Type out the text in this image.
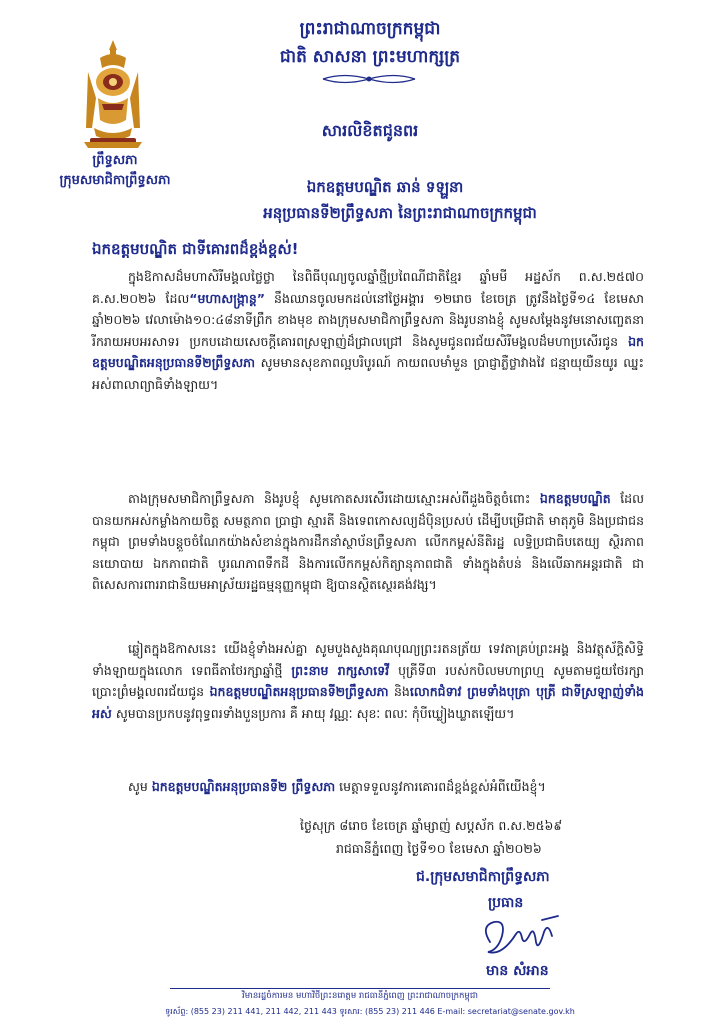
ព្រឹទ្ធសភា
ក្រុមសមាជិកាព្រឹទ្ធសភា
ព្រះរាជាណាចក្រកម្ពុជា
ជាតិ សាសនា ព្រះមហាក្សត្រ
សារលិខិតជូនពរ
ឯកឧត្តមបណ្ឌិត ឆាន់ ទឡ្ហនា
អនុប្រធានទី២ព្រឹទ្ធសភា នៃព្រះរាជាណាចក្រកម្ពុជា
ឯកឧត្តមបណ្ឌិត ជាទីគោរពដ៏ខ្ពង់ខ្ពស់!
ក្នុងឱកាសដ៏មហាសិរីមង្គលថ្លៃថ្លា នៃពិធីបុណ្យចូលឆ្នាំថ្មីប្រពៃណីជាតិខ្មែរ ឆ្នាំមមី អដ្ឋស័ក ព.ស.២៥៧០ គ.ស.២០២៦ ដែល“មហាសង្ក្រាន្ត” នឹងឈានចូលមកដល់នៅថ្ងៃអង្គារ ១២រោច ខែចេត្រ ត្រូវនឹងថ្ងៃទី១៤ ខែមេសា ឆ្នាំ២០២៦ វេលាម៉ោង១០:៤៨នាទីព្រឹក ខាងមុខ តាងក្រុមសមាជិកាព្រឹទ្ធសភា និងរូបនាងខ្ញុំ សូមសម្តែងនូវមនោសញ្ចេតនា រីករាយអបអរសាទរ ប្រកបដោយសេចក្តីគោរពស្រឡាញ់ដ៏ជ្រាលជ្រៅ និងសូមជូនពរជ័យសិរីមង្គលដ៏មហាប្រសើរជូន ឯកឧត្តមបណ្ឌិតអនុប្រធានទី២ព្រឹទ្ធសភា សូមមានសុខភាពល្អបរិបូរណ៍ កាយពលមាំមួន ប្រាជ្ញាភ្លឺថ្លាវាងវៃ ជន្មាយុយឺនយូរ ឈ្នះអស់ពាលាព្យាធិទាំងឡាយ។
តាងក្រុមសមាជិកាព្រឹទ្ធសភា និងរូបខ្ញុំ សូមកោតសរសើរដោយស្មោះអស់ពីដួងចិត្តចំពោះ ឯកឧត្តមបណ្ឌិត ដែលបានយកអស់កម្លាំងកាយចិត្ត សមត្ថភាព ប្រាជ្ញា ស្មារតី និងទេពកោសល្យដ៏ប៉ិនប្រសប់ ដើម្បីបម្រើជាតិ មាតុភូមិ និងប្រជាជនកម្ពុជា ព្រមទាំងបន្តួចចំណែកយ៉ាងសំខាន់ក្នុងការដឹកនាំស្ថាប័នព្រឹទ្ធសភា លើកកម្ពស់នីតិរដ្ឋ លទ្ធិប្រជាធិបតេយ្យ ស្ថិរភាពនយោបាយ ឯកភាពជាតិ បូរណភាពទឹកដី និងការលើកកម្ពស់កិត្យានុភាពជាតិ ទាំងក្នុងតំបន់ និងលើឆាកអន្តរជាតិ ជាពិសេសការពាររាជានិយមអាស្រ័យរដ្ឋធម្មនុញ្ញកម្ពុជា ឱ្យបានស្ថិតស្ថេរគង់វង្ស។
ឆ្លៀតក្នុងឱកាសនេះ យើងខ្ញុំទាំងអស់គ្នា សូមបួងសួងគុណបុណ្យព្រះរតនត្រ័យ ទេវតាគ្រប់ព្រះអង្គ និងវត្ថុស័ក្តិសិទ្ធិទាំងឡាយក្នុងលោក ទេពធីតាថែរក្សាឆ្នាំថ្មី ព្រះនាម រាក្សសាទេវី បុត្រីទី៣ របស់កបិលមហាព្រហ្ម សូមតាមជួយថែរក្សា ប្រោះព្រំមង្គលពរជ័យជូន ឯកឧត្តមបណ្ឌិតអនុប្រធានទី២ព្រឹទ្ធសភា និងលោកជំទាវ ព្រមទាំងបុត្រា បុត្រី ជាទីស្រឡាញ់ទាំងអស់ សូមបានប្រកបនូវពុទ្ធពរទាំងបួនប្រការ គឺ អាយុ វណ្ណៈ សុខៈ ពលៈ កុំបីឃ្លៀងឃ្លាតឡើយ។
សូម ឯកឧត្តមបណ្ឌិតអនុប្រធានទី២ ព្រឹទ្ធសភា មេត្តាទទួលនូវការគោរពដ៏ខ្ពង់ខ្ពស់អំពីយើងខ្ញុំ។
ថ្ងៃសុក្រ ៨រោច ខែចេត្រ ឆ្នាំម្សាញ់ សប្តស័ក ព.ស.២៥៦៩
រាជធានីភ្នំពេញ ថ្ងៃទី១០ ខែមេសា ឆ្នាំ២០២៦
ជ.ក្រុមសមាជិកាព្រឹទ្ធសភា
ប្រធាន
មាន សំអាន
វិមានរដ្ឋចំការមន មហាវិថីព្រះនរោត្តម រាជធានីភ្នំពេញ ព្រះរាជាណាចក្រកម្ពុជា
ទូរស័ព្ទ: (855 23) 211 441, 211 442, 211 443 ទូរសារ: (855 23) 211 446 E-mail: secretariat@senate.gov.kh
